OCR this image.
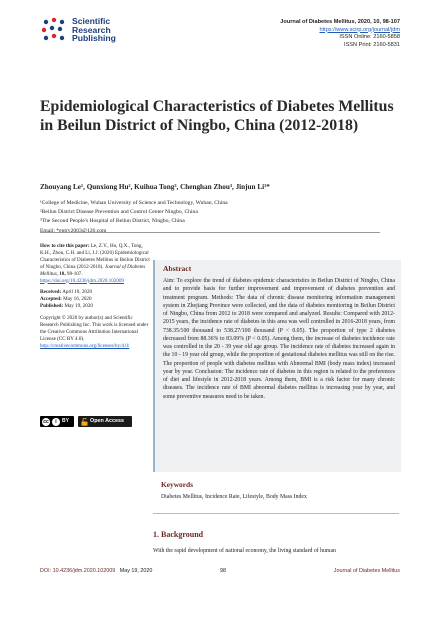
Scientific
Research
Publishing
Journal of Diabetes Mellitus, 2020, 10, 98-107
https://www.scirp.org/journal/jdm
ISSN Online: 2160-5858
ISSN Print: 2160-5831
Epidemiological Characteristics of Diabetes Mellitus in Beilun District of Ningbo, China (2012-2018)
Zhouyang Le¹, Qunxiong Hu², Kuihua Tong³, Chenghan Zhou³, Jinjun Li¹*
¹College of Medicine, Wuhan University of Science and Technology, Wuhan, China
²Beilun District Disease Prevention and Control Center Ningbo, China
³The Second People's Hospital of Beilun District, Ningbo, China
Email: *entry2003@126.com
How to cite this paper: Le, Z.Y., Hu, Q.X., Tong, K.H., Zhou, C.H. and Li, J.J. (2020) Epidemiological Characteristics of Diabetes Mellitus in Beilun District of Ningbo, China (2012-2018). Journal of Diabetes Mellitus, 10, 98-107.
https://doi.org/10.4236/jdm.2020.102009
Received: April 10, 2020
Accepted: May 16, 2020
Published: May 19, 2020
Copyright © 2020 by author(s) and Scientific Research Publishing Inc. This work is licensed under the Creative Commons Attribution International License (CC BY 4.0).
http://creativecommons.org/licenses/by/4.0/
cc	i	BY	Open Access
Abstract

Aim: To explore the trend of diabetes epidemic characteristics in Beilun District of Ningbo, China and to provide basis for further improvement and improvement of diabetes prevention and treatment program. Methods: The data of chronic disease monitoring information management system in Zhejiang Province were collected, and the data of diabetes monitoring in Beilun District of Ningbo, China from 2012 to 2018 were compared and analyzed. Results: Compared with 2012-2015 years, the incidence rate of diabetes in this area was well controlled in 2016-2018 years, from 738.35/100 thousand to 538.27/100 thousand (P < 0.05). The proportion of type 2 diabetes decreased from 88.36% to 83.09% (P < 0.05). Among them, the increase of diabetes incidence rate was controlled in the 20 - 39 year old age group. The incidence rate of diabetes increased again in the 10 - 19 year old group, while the proportion of gestational diabetes mellitus was still on the rise. The proportion of people with diabetes mellitus with Abnormal BMI (body mass index) increased year by year. Conclusion: The incidence rate of diabetes in this region is related to the preferences of diet and lifestyle in 2012-2018 years. Among them, BMI is a risk factor for many chronic diseases. The incidence rate of BMI abnormal diabetes mellitus is increasing year by year, and some preventive measures need to be taken.

Keywords
Diabetes Mellitus, Incidence Rate, Lifestyle, Body Mass Index
1. Background
With the rapid development of national economy, the living standard of human
DOI: 10.4236/jdm.2020.102009 May 19, 2020	98	Journal of Diabetes Mellitus
